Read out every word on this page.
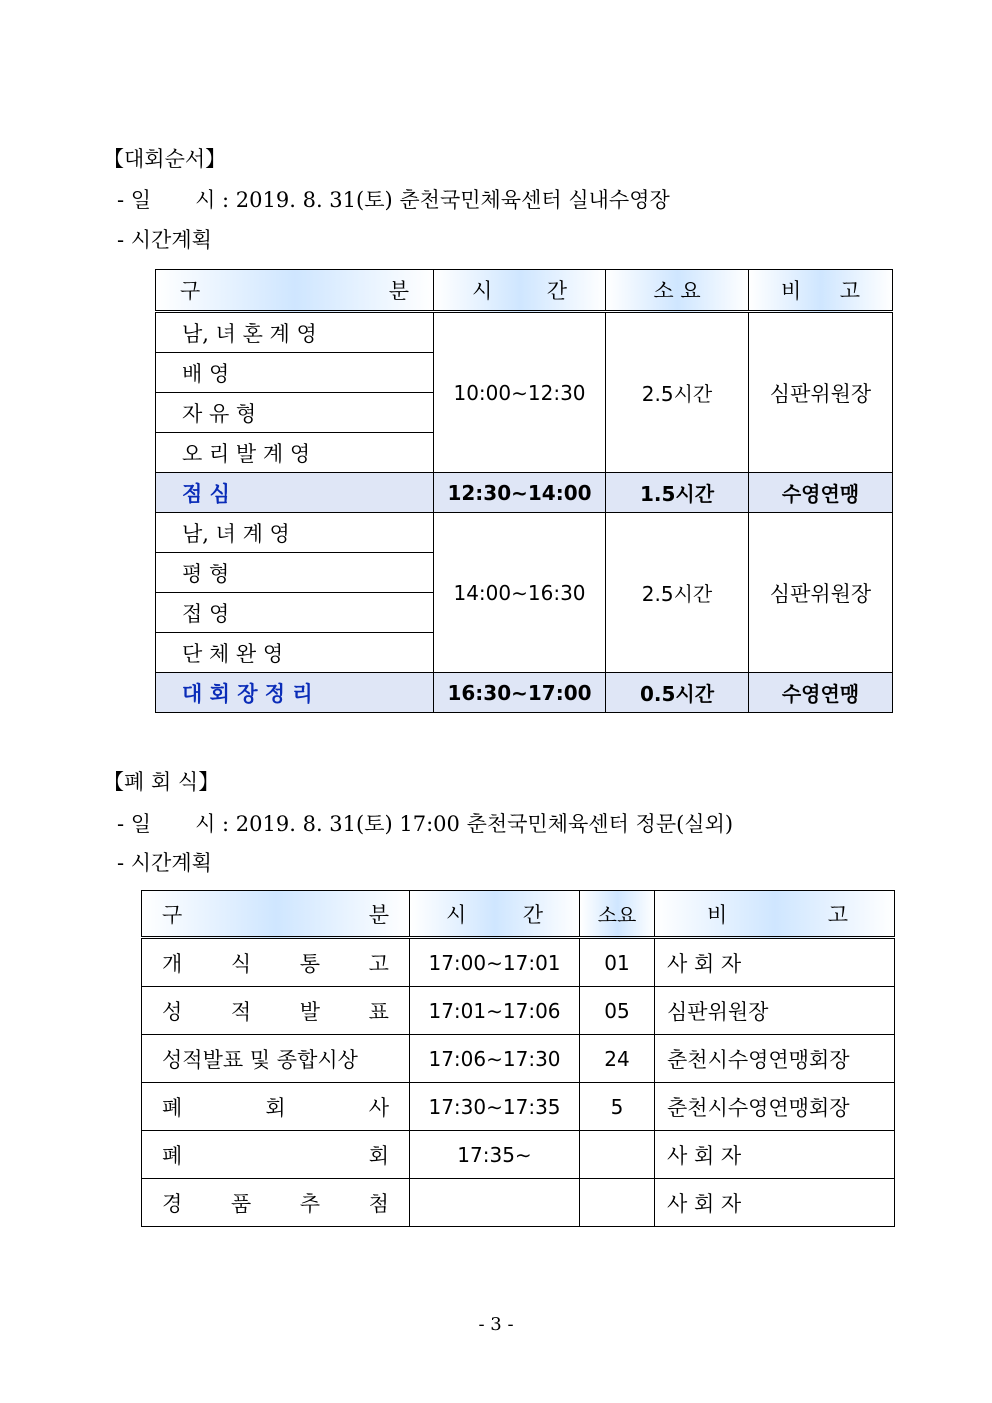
【대회순서】
- 일 시 : 2019. 8. 31(토) 춘천국민체육센터 실내수영장
- 시간계획
구 분	시 간	소 요	비 고

남, 녀 혼 계 영	10:00∼12:30	2.5시간	심판위원장
배 영			
자 유 형			
오 리 발 계 영			
점 심	12:30∼14:00	1.5시간	수영연맹
남, 녀 계 영	14:00∼16:30	2.5시간	심판위원장
평 형			
접 영			
단 체 완 영			
대 회 장 정 리	16:30∼17:00	0.5시간	수영연맹
【폐 회 식】
- 일 시 : 2019. 8. 31(토) 17:00 춘천국민체육센터 정문(실외)
- 시간계획
구 분	시 간	소요	비 고

개 식 통 고	17:00∼17:01	01	사 회 자

성 적 발 표	17:01∼17:06	05	심판위원장

성적발표 및 종합시상	17:06∼17:30	24	춘천시수영연맹회장

폐 회 사	17:30∼17:35	5	춘천시수영연맹회장

폐 회	17:35∼		사 회 자

경 품 추 첨			사 회 자
- 3 -
